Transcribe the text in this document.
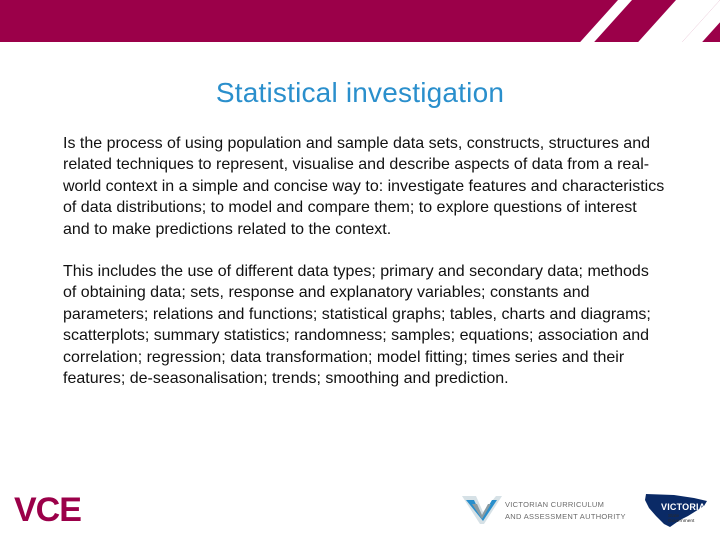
Statistical investigation

Is the process of using population and sample data sets, constructs, structures and related techniques to represent, visualise and describe aspects of data from a real-world context in a simple and concise way to: investigate features and characteristics of data distributions; to model and compare them; to explore questions of interest and to make predictions related to the context.

This includes the use of different data types; primary and secondary data; methods of obtaining data; sets, response and explanatory variables; constants and parameters; relations and functions; statistical graphs; tables, charts and diagrams; scatterplots; summary statistics; randomness; samples; equations; association and correlation; regression; data transformation; model fitting; times series and their features; de-seasonalisation; trends; smoothing and prediction.

VCE	VICTORIAN CURRICULUM
AND ASSESSMENT AUTHORITY
VICTORIA
State
Government
